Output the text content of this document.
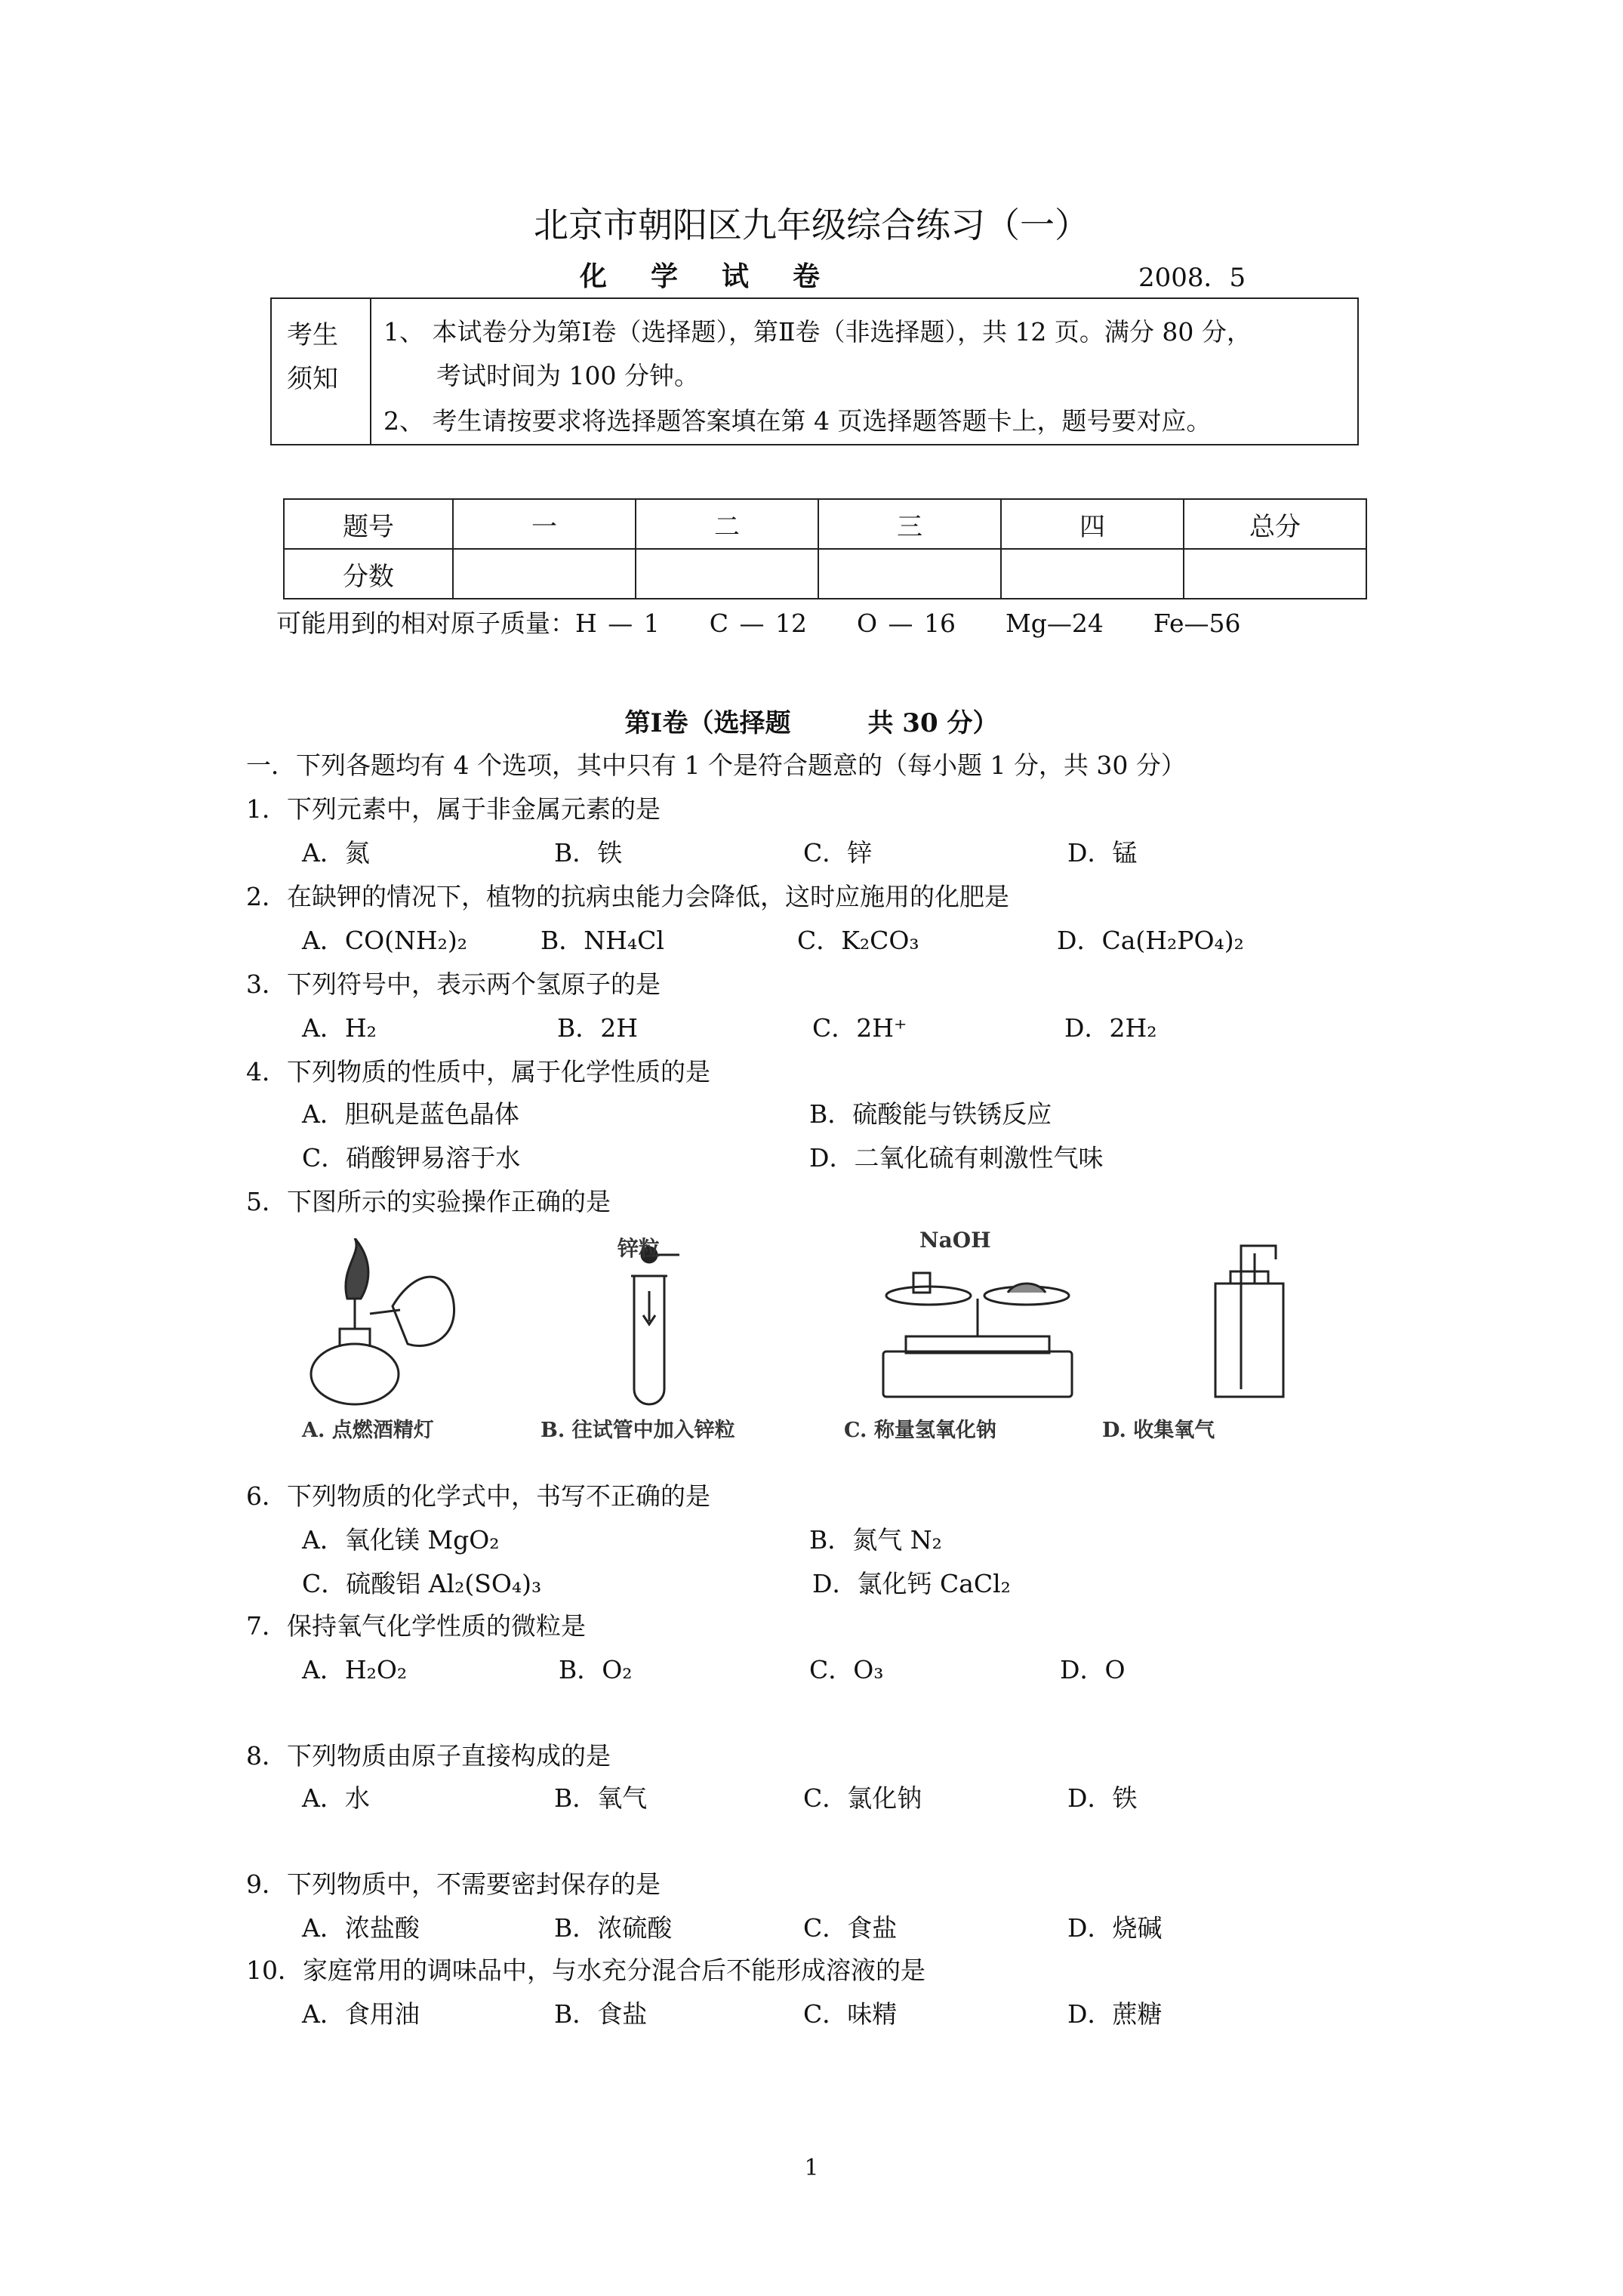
北京市朝阳区九年级综合练习（一）
化学试卷	2008．5
考生
须知
1、 本试卷分为第Ⅰ卷（选择题），第Ⅱ卷（非选择题），共 12 页。满分 80 分，
考试时间为 100 分钟。
2、 考生请按要求将选择题答案填在第 4 页选择题答题卡上，题号要对应。
题号	一	二	三	四	总分
分数					
可能用到的相对原子质量：H — 1　　C — 12　　O — 16　　Mg—24　　Fe—56
第Ⅰ卷（选择题　　　共 30 分）
一．下列各题均有 4 个选项，其中只有 1 个是符合题意的（每小题 1 分，共 30 分）
1．下列元素中，属于非金属元素的是
A．氮	B．铁	C．锌	D．锰
2．在缺钾的情况下，植物的抗病虫能力会降低，这时应施用的化肥是
A．CO(NH₂)₂	B．NH₄Cl	C．K₂CO₃	D．Ca(H₂PO₄)₂
3．下列符号中，表示两个氢原子的是
A．H₂	B．2H	C．2H⁺	D．2H₂
4．下列物质的性质中，属于化学性质的是
A．胆矾是蓝色晶体	B．硫酸能与铁锈反应
C．硝酸钾易溶于水	D．二氧化硫有刺激性气味
5．下图所示的实验操作正确的是
锌粒	NaOH
A. 点燃酒精灯	B. 往试管中加入锌粒	C. 称量氢氧化钠	D. 收集氧气
6．下列物质的化学式中，书写不正确的是
A．氧化镁 MgO₂	B．氮气 N₂
C．硫酸铝 Al₂(SO₄)₃	D．氯化钙 CaCl₂
7．保持氧气化学性质的微粒是
A．H₂O₂	B．O₂	C．O₃	D．O
8．下列物质由原子直接构成的是
A．水	B．氧气	C．氯化钠	D．铁
9．下列物质中，不需要密封保存的是
A．浓盐酸	B．浓硫酸	C．食盐	D．烧碱
10．家庭常用的调味品中，与水充分混合后不能形成溶液的是
A．食用油	B．食盐	C．味精	D．蔗糖
1
